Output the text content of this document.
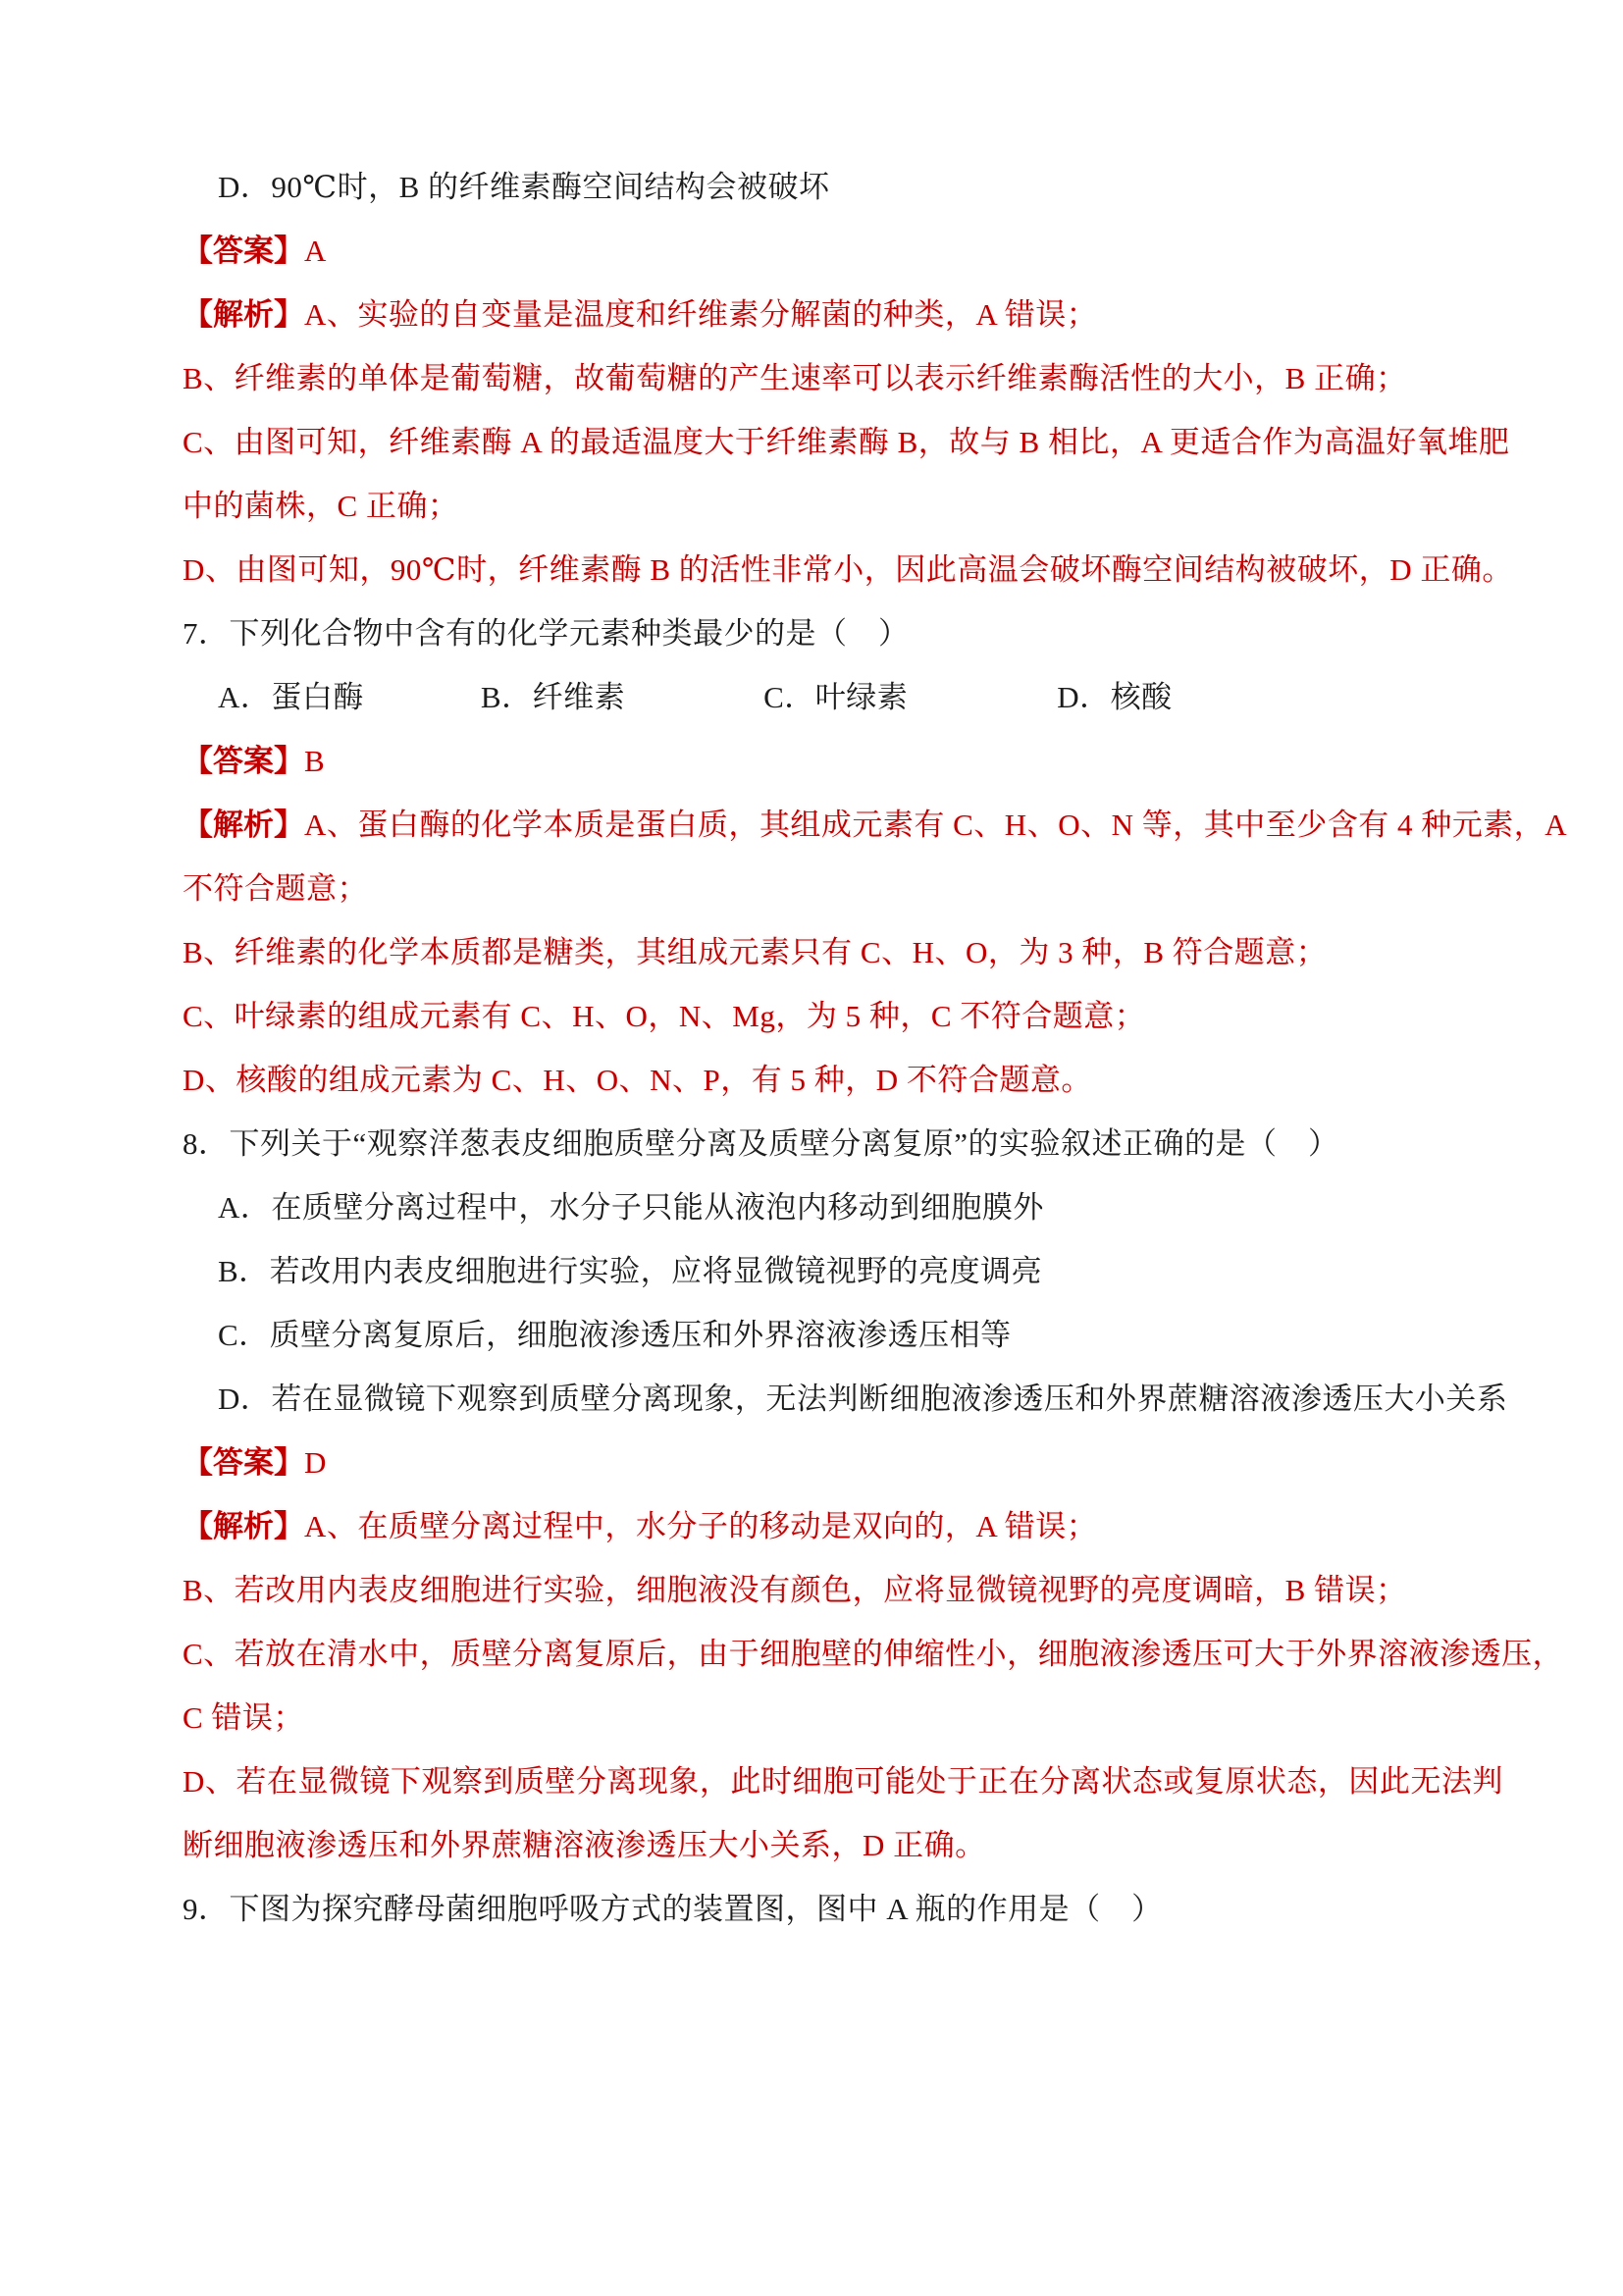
D．90℃时，B 的纤维素酶空间结构会被破坏
【答案】A
【解析】A、实验的自变量是温度和纤维素分解菌的种类，A 错误；
B、纤维素的单体是葡萄糖，故葡萄糖的产生速率可以表示纤维素酶活性的大小，B 正确；
C、由图可知，纤维素酶 A 的最适温度大于纤维素酶 B，故与 B 相比，A 更适合作为高温好氧堆肥
中的菌株，C 正确；
D、由图可知，90℃时，纤维素酶 B 的活性非常小，因此高温会破坏酶空间结构被破坏，D 正确。
7．下列化合物中含有的化学元素种类最少的是（　）
A．蛋白酶	B．纤维素	C．叶绿素	D．核酸
【答案】B
【解析】A、蛋白酶的化学本质是蛋白质，其组成元素有 C、H、O、N 等，其中至少含有 4 种元素，A
不符合题意；
B、纤维素的化学本质都是糖类，其组成元素只有 C、H、O，为 3 种，B 符合题意；
C、叶绿素的组成元素有 C、H、O，N、Mg，为 5 种，C 不符合题意；
D、核酸的组成元素为 C、H、O、N、P，有 5 种，D 不符合题意。
8．下列关于“观察洋葱表皮细胞质壁分离及质壁分离复原”的实验叙述正确的是（　）
A．在质壁分离过程中，水分子只能从液泡内移动到细胞膜外
B．若改用内表皮细胞进行实验，应将显微镜视野的亮度调亮
C．质壁分离复原后，细胞液渗透压和外界溶液渗透压相等
D．若在显微镜下观察到质壁分离现象，无法判断细胞液渗透压和外界蔗糖溶液渗透压大小关系
【答案】D
【解析】A、在质壁分离过程中，水分子的移动是双向的，A 错误；
B、若改用内表皮细胞进行实验，细胞液没有颜色，应将显微镜视野的亮度调暗，B 错误；
C、若放在清水中，质壁分离复原后，由于细胞壁的伸缩性小，细胞液渗透压可大于外界溶液渗透压，
C 错误；
D、若在显微镜下观察到质壁分离现象，此时细胞可能处于正在分离状态或复原状态，因此无法判
断细胞液渗透压和外界蔗糖溶液渗透压大小关系，D 正确。
9．下图为探究酵母菌细胞呼吸方式的装置图，图中 A 瓶的作用是（　）
